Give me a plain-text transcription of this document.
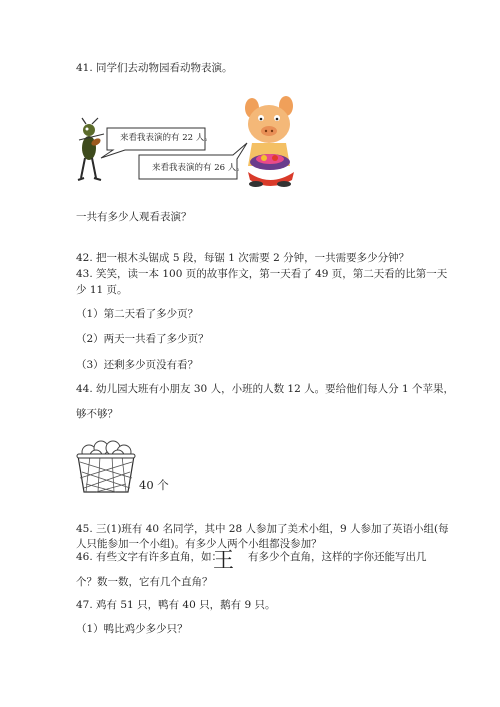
41. 同学们去动物园看动物表演。
来看我表演的有 22 人。
来看我表演的有 26 人。
一共有多少人观看表演？
42. 把一根木头锯成 5 段，每锯 1 次需要 2 分钟，一共需要多少分钟？
43. 笑笑，读一本 100 页的故事作文，第一天看了 49 页，第二天看的比第一天
少 11 页。
（1）第二天看了多少页？
（2）两天一共看了多少页？
（3）还剩多少页没有看？
44. 幼儿园大班有小朋友 30 人，小班的人数 12 人。要给他们每人分 1 个苹果，
够不够？
40 个
45. 三(1)班有 40 名同学，其中 28 人参加了美术小组，9 人参加了英语小组(每
人只能参加一个小组)。有多少人两个小组都没参加？
46. 有些文字有许多直角，如：
王 有多少个直角，这样的字你还能写出几
个？数一数，它有几个直角？
47. 鸡有 51 只，鸭有 40 只，鹅有 9 只。
（1）鸭比鸡少多少只？
